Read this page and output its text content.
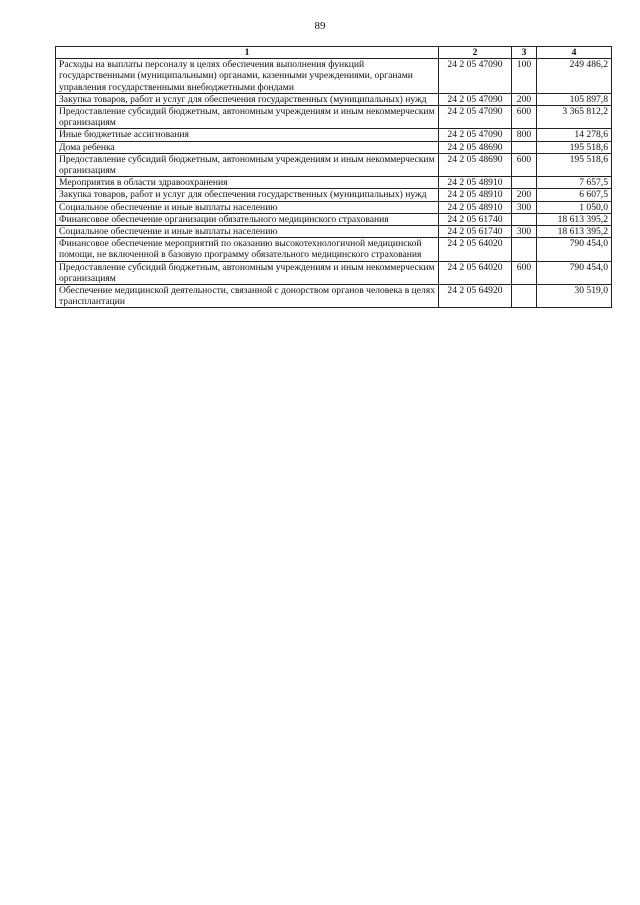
89
1	2	3	4
Расходы на выплаты персоналу в целях обеспечения выполнения функций государственными (муниципальными) органами, казенными учреждениями, органами управления государственными внебюджетными фондами	24 2 05 47090	100	249 486,2
Закупка товаров, работ и услуг для обеспечения государственных (муниципальных) нужд	24 2 05 47090	200	105 897,8
Предоставление субсидий бюджетным, автономным учреждениям и иным некоммерческим организациям	24 2 05 47090	600	3 365 812,2
Иные бюджетные ассигнования	24 2 05 47090	800	14 278,6
Дома ребенка	24 2 05 48690		195 518,6
Предоставление субсидий бюджетным, автономным учреждениям и иным некоммерческим организациям	24 2 05 48690	600	195 518,6
Мероприятия в области здравоохранения	24 2 05 48910		7 657,5
Закупка товаров, работ и услуг для обеспечения государственных (муниципальных) нужд	24 2 05 48910	200	6 607,5
Социальное обеспечение и иные выплаты населению	24 2 05 48910	300	1 050,0
Финансовое обеспечение организации обязательного медицинского страхования	24 2 05 61740		18 613 395,2
Социальное обеспечение и иные выплаты населению	24 2 05 61740	300	18 613 395,2
Финансовое обеспечение мероприятий по оказанию высокотехнологичной медицинской помощи, не включенной в базовую программу обязательного медицинского страхования	24 2 05 64020		790 454,0
Предоставление субсидий бюджетным, автономным учреждениям и иным некоммерческим организациям	24 2 05 64020	600	790 454,0
Обеспечение медицинской деятельности, связанной с донорством органов человека в целях трансплантации	24 2 05 64920		30 519,0
